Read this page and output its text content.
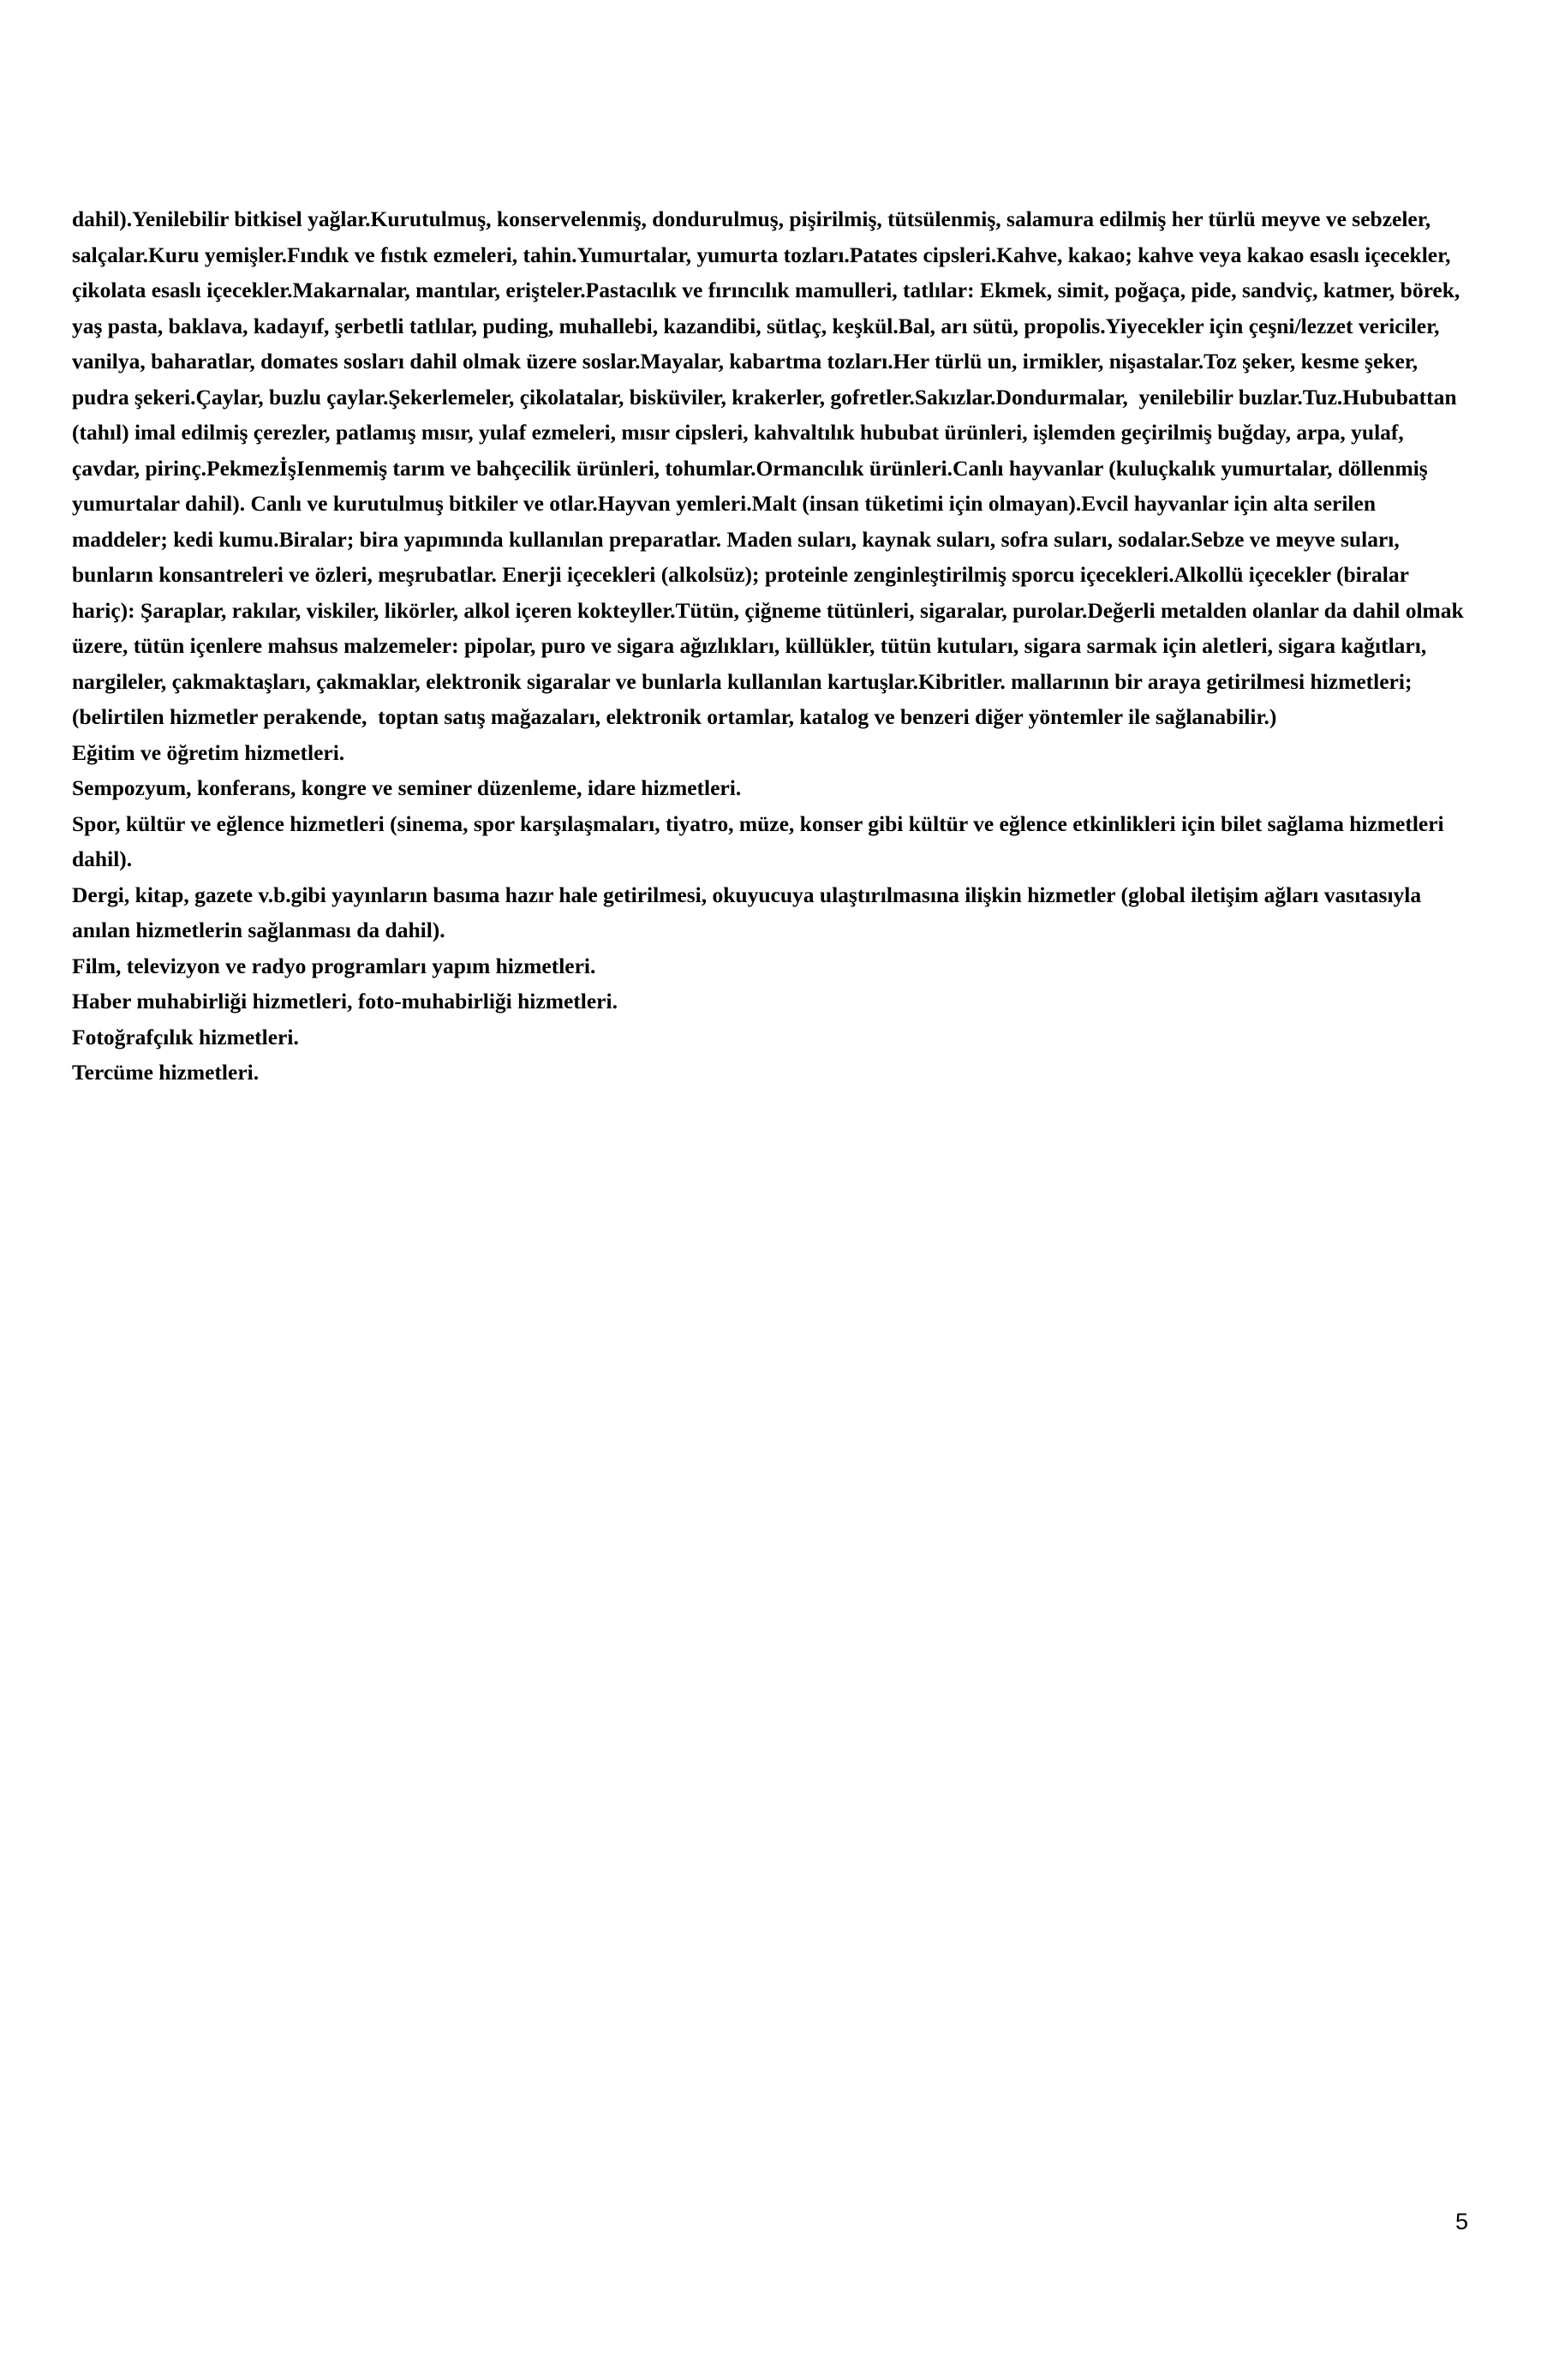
dahil).Yenilebilir bitkisel yağlar.Kurutulmuş, konservelenmiş, dondurulmuş, pişirilmiş, tütsülenmiş, salamura edilmiş her türlü meyve ve sebzeler, salçalar.Kuru yemişler.Fındık ve fıstık ezmeleri, tahin.Yumurtalar, yumurta tozları.Patates cipsleri.Kahve, kakao; kahve veya kakao esaslı içecekler, çikolata esaslı içecekler.Makarnalar, mantılar, erişteler.Pastacılık ve fırıncılık mamulleri, tatlılar: Ekmek, simit, poğaça, pide, sandviç, katmer, börek, yaş pasta, baklava, kadayıf, şerbetli tatlılar, puding, muhallebi, kazandibi, sütlaç, keşkül.Bal, arı sütü, propolis.Yiyecekler için çeşni/lezzet vericiler, vanilya, baharatlar, domates sosları dahil olmak üzere soslar.Mayalar, kabartma tozları.Her türlü un, irmikler, nişastalar.Toz şeker, kesme şeker, pudra şekeri.Çaylar, buzlu çaylar.Şekerlemeler, çikolatalar, bisküviler, krakerler, gofretler.Sakızlar.Dondurmalar,  yenilebilir buzlar.Tuz.Hububattan (tahıl) imal edilmiş çerezler, patlamış mısır, yulaf ezmeleri, mısır cipsleri, kahvaltılık hububat ürünleri, işlemden geçirilmiş buğday, arpa, yulaf, çavdar, pirinç.PekmezİşIenmemiş tarım ve bahçecilik ürünleri, tohumlar.Ormancılık ürünleri.Canlı hayvanlar (kuluçkalık yumurtalar, döllenmiş yumurtalar dahil). Canlı ve kurutulmuş bitkiler ve otlar.Hayvan yemleri.Malt (insan tüketimi için olmayan).Evcil hayvanlar için alta serilen maddeler; kedi kumu.Biralar; bira yapımında kullanılan preparatlar. Maden suları, kaynak suları, sofra suları, sodalar.Sebze ve meyve suları, bunların konsantreleri ve özleri, meşrubatlar. Enerji içecekleri (alkolsüz); proteinle zenginleştirilmiş sporcu içecekleri.Alkollü içecekler (biralar hariç): Şaraplar, rakılar, viskiler, likörler, alkol içeren kokteyller.Tütün, çiğneme tütünleri, sigaralar, purolar.Değerli metalden olanlar da dahil olmak üzere, tütün içenlere mahsus malzemeler: pipolar, puro ve sigara ağızlıkları, küllükler, tütün kutuları, sigara sarmak için aletleri, sigara kağıtları, nargileler, çakmaktaşları, çakmaklar, elektronik sigaralar ve bunlarla kullanılan kartuşlar.Kibritler. mallarının bir araya getirilmesi hizmetleri; (belirtilen hizmetler perakende,  toptan satış mağazaları, elektronik ortamlar, katalog ve benzeri diğer yöntemler ile sağlanabilir.)

Eğitim ve öğretim hizmetleri.

Sempozyum, konferans, kongre ve seminer düzenleme, idare hizmetleri.

Spor, kültür ve eğlence hizmetleri (sinema, spor karşılaşmaları, tiyatro, müze, konser gibi kültür ve eğlence etkinlikleri için bilet sağlama hizmetleri dahil).

Dergi, kitap, gazete v.b.gibi yayınların basıma hazır hale getirilmesi, okuyucuya ulaştırılmasına ilişkin hizmetler (global iletişim ağları vasıtasıyla anılan hizmetlerin sağlanması da dahil).

Film, televizyon ve radyo programları yapım hizmetleri.

Haber muhabirliği hizmetleri, foto-muhabirliği hizmetleri.

Fotoğrafçılık hizmetleri.

Tercüme hizmetleri.

5
